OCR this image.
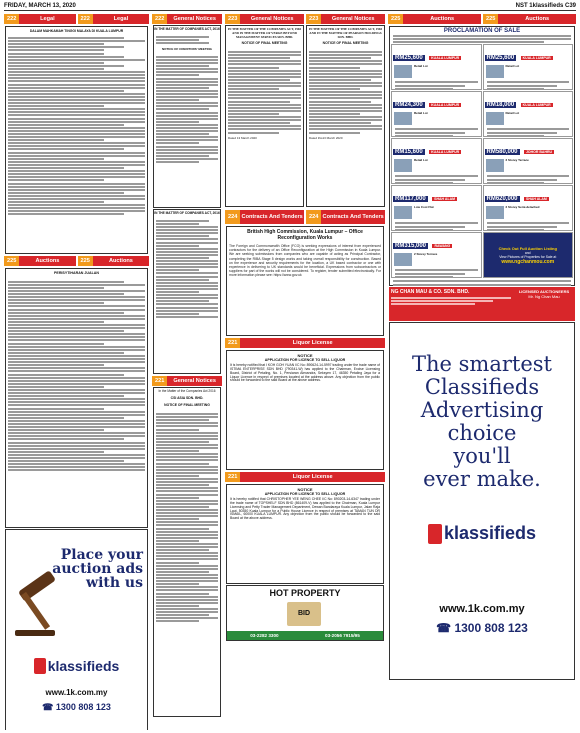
FRIDAY, MARCH 13, 2020	NST 1klassifieds C39
222	Legal	222	Legal
DALAM MAHKAMAH TINGGI MALAYA DI KUALA LUMPUR
225	Auctions	225	Auctions
PERISYTIHARAN JUALAN
Place your
auction ads
with us
klassifieds
www.1k.com.my
☎ 1300 808 123
222	General Notices
IN THE MATTER OF COMPANIES ACT, 2016
NOTICE OF CREDITORS' MEETING
IN THE MATTER OF COMPANIES ACT, 2016
221	General Notices
In the Matter of the Companies Act 2016
CSI ASIA SDN. BHD.
NOTICE OF FINAL MEETING
223	General Notices	223	General Notices
IN THE MATTER OF THE COMPANIES ACT, 1965 AND IN THE MATTER OF VERGE BEYOND MANAGEMENT SERVICES SDN. BHD.
NOTICE OF FINAL MEETING
Dated 13 March 2020
IN THE MATTER OF THE COMPANIES ACT, 1965 AND IN THE MATTER OF PEARSON HOLDINGS SDN. BHD.
NOTICE OF FINAL MEETING
Dated this13 March 2020
224 Contracts And Tenders	224 Contracts And Tenders
British High Commission, Kuala Lumpur – Office Reconfiguration Works
The Foreign and Commonwealth Office (FCO) is seeking expressions of interest from experienced contractors for the delivery of an Office Reconfiguration at the High Commission in Kuala Lumpur. We are seeking submissions from companies who are capable of acting as Principal Contractor, completing the RIBA Stage 5 design works and taking overall responsibility for construction. Based on the experience and security requirements for the location, a UK based contractor or one with experience in delivering to UK standards would be beneficial. Expressions from subcontractors or suppliers for part of the works will not be considered. To register, tender submitted electronically. For more information please see: https://www.gov.uk
221	Liquor License
NOTICE
APPLICATION FOR LICENCE TO SELL LIQUOR
It is hereby notified that I KOH GOH YUAN I/C No: 890624-14-5997 trading under the trade name of ISTIMA ENTERPRISE SDN BHD (790341-W) has applied to the Chairman, Excise Licensing Board, District of Petaling, No. 1, Persiaran Alexandra, Seksyen 17, 46350 Petaling Jaya for a Liquor Licence in respect of premises located at the address above. Any objection from the public should be forwarded to the said Board at the above address.
221	Liquor License
NOTICE
APPLICATION FOR LICENCE TO SELL LIQUOR
It is hereby notified that CHRISTOPHER YEE WENG CHEE I/C No: 890203-14-6347 trading under the trade name of TOPSHELF SDN BHD (861409-V) has applied to the Chairman, Kuala Lumpur Licensing and Petty Trader Management Department, Dewan Bandaraya Kuala Lumpur, Jalan Raja Laut, 50350 Kuala Lumpur for a Public House Licence in respect of premises at TAMAN TUN DR ISMAIL, 60000 KUALA LUMPUR. Any objection from the public should be forwarded to the said Board at the above address.
HOT PROPERTY
BID
03-2282 3300	03-2056 7915/95
225	Auctions	225	Auctions
PROCLAMATION OF SALE
RM25,600 KUALA LUMPUR
Retail Lot
RM25,600 KUALA LUMPUR
Retail Lot
RM24,300 KUALA LUMPUR
Retail Lot
RM18,000 KUALA LUMPUR
Retail Lot
RM15,600 KUALA LUMPUR
Retail Lot
RM580,000 JOHOR BAHRU
2 Storey Terrace
RM117,000 SHAH ALAM
Low Cost Flat
RM620,000 SHAH ALAM
2 Storey Semi-detached
RM315,000 RAWANG
2 Storey Terrace
Check Out Full Auction Listing
and
View Pictures of Properties for Sale at
www.ngchanmou.com
NG CHAN MAU & CO. SDN. BHD.	LICENSED AUCTIONEERS
Mr. Ng Chan Mau
The smartest
Classifieds
Advertising
choice
you'll
ever make.
klassifieds
www.1k.com.my
☎ 1300 808 123
